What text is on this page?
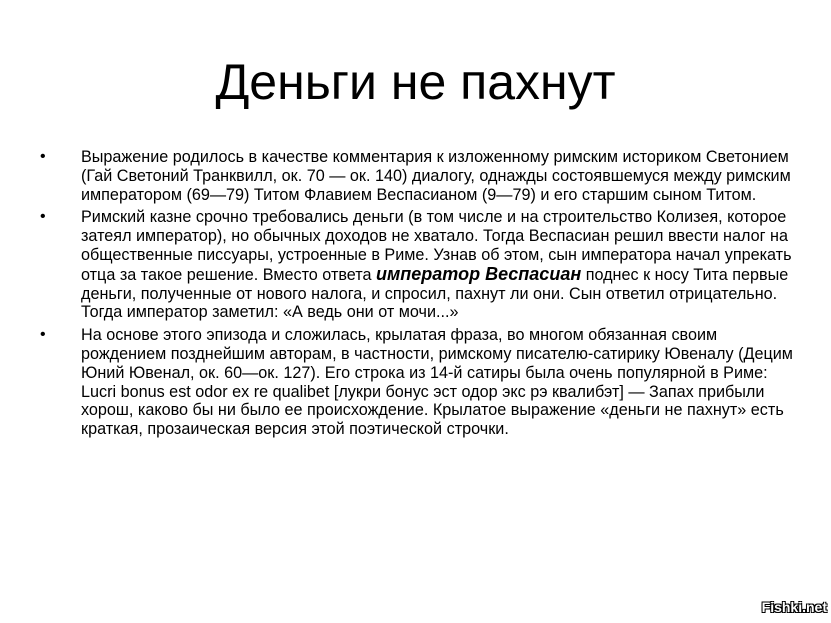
Деньги не пахнут
• Выражение родилось в качестве комментария к изложенному римским историком Светонием (Гай Светоний Транквилл, ок. 70 — ок. 140) диалогу, однажды состоявшемуся между римским императором (69—79) Титом Флавием Веспасианом (9—79) и его старшим сыном Титом.
• Римский казне срочно требовались деньги (в том числе и на строительство Колизея, которое затеял император), но обычных доходов не хватало. Тогда Веспасиан решил ввести налог на общественные писсуары, устроенные в Риме. Узнав об этом, сын императора начал упрекать отца за такое решение. Вместо ответа император Веспасиан поднес к носу Тита первые деньги, полученные от нового налога, и спросил, пахнут ли они. Сын ответил отрицательно. Тогда император заметил: «А ведь они от мочи...»
• На основе этого эпизода и сложилась, крылатая фраза, во многом обязанная своим рождением позднейшим авторам, в частности, римскому писателю-сатирику Ювеналу (Децим Юний Ювенал, ок. 60—ок. 127). Его строка из 14-й сатиры была очень популярной в Риме: Lucri bonus est odor ex re qualibet [лукри бонус эст одор экс рэ квалибэт] — Запах прибыли хорош, каково бы ни было ее происхождение. Крылатое выражение «деньги не пахнут» есть краткая, прозаическая версия этой поэтической строчки.
Fishki.net
